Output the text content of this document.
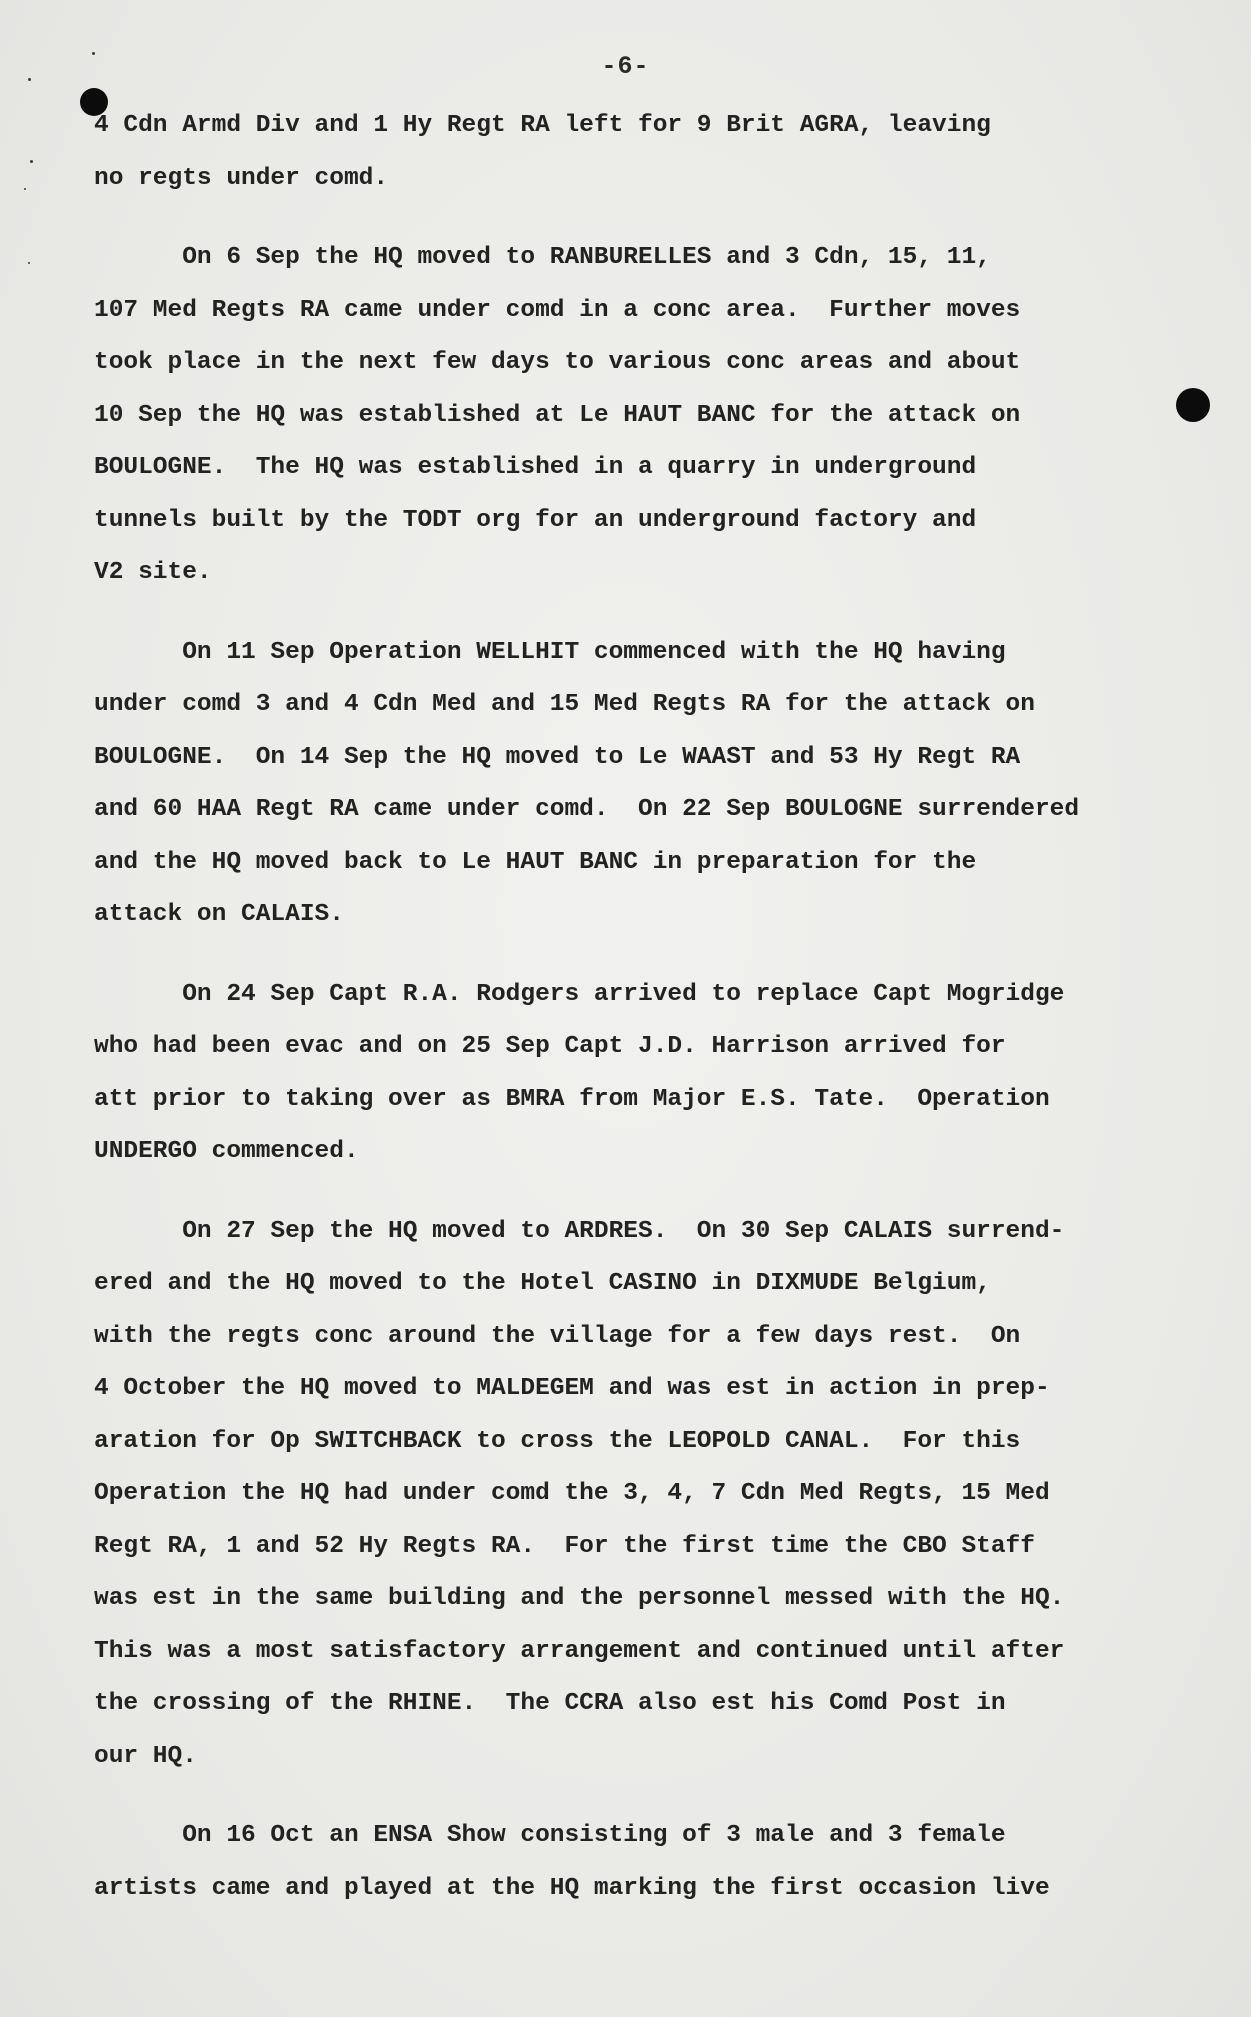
-6-
4 Cdn Armd Div and 1 Hy Regt RA left for 9 Brit AGRA, leaving
no regts under comd.
On 6 Sep the HQ moved to RANBURELLES and 3 Cdn, 15, 11,
107 Med Regts RA came under comd in a conc area.  Further moves
took place in the next few days to various conc areas and about
10 Sep the HQ was established at Le HAUT BANC for the attack on
BOULOGNE.  The HQ was established in a quarry in underground
tunnels built by the TODT org for an underground factory and
V2 site.
On 11 Sep Operation WELLHIT commenced with the HQ having
under comd 3 and 4 Cdn Med and 15 Med Regts RA for the attack on
BOULOGNE.  On 14 Sep the HQ moved to Le WAAST and 53 Hy Regt RA
and 60 HAA Regt RA came under comd.  On 22 Sep BOULOGNE surrendered
and the HQ moved back to Le HAUT BANC in preparation for the
attack on CALAIS.
On 24 Sep Capt R.A. Rodgers arrived to replace Capt Mogridge
who had been evac and on 25 Sep Capt J.D. Harrison arrived for
att prior to taking over as BMRA from Major E.S. Tate.  Operation
UNDERGO commenced.
On 27 Sep the HQ moved to ARDRES.  On 30 Sep CALAIS surrend-
ered and the HQ moved to the Hotel CASINO in DIXMUDE Belgium,
with the regts conc around the village for a few days rest.  On
4 October the HQ moved to MALDEGEM and was est in action in prep-
aration for Op SWITCHBACK to cross the LEOPOLD CANAL.  For this
Operation the HQ had under comd the 3, 4, 7 Cdn Med Regts, 15 Med
Regt RA, 1 and 52 Hy Regts RA.  For the first time the CBO Staff
was est in the same building and the personnel messed with the HQ.
This was a most satisfactory arrangement and continued until after
the crossing of the RHINE.  The CCRA also est his Comd Post in
our HQ.
On 16 Oct an ENSA Show consisting of 3 male and 3 female
artists came and played at the HQ marking the first occasion live
